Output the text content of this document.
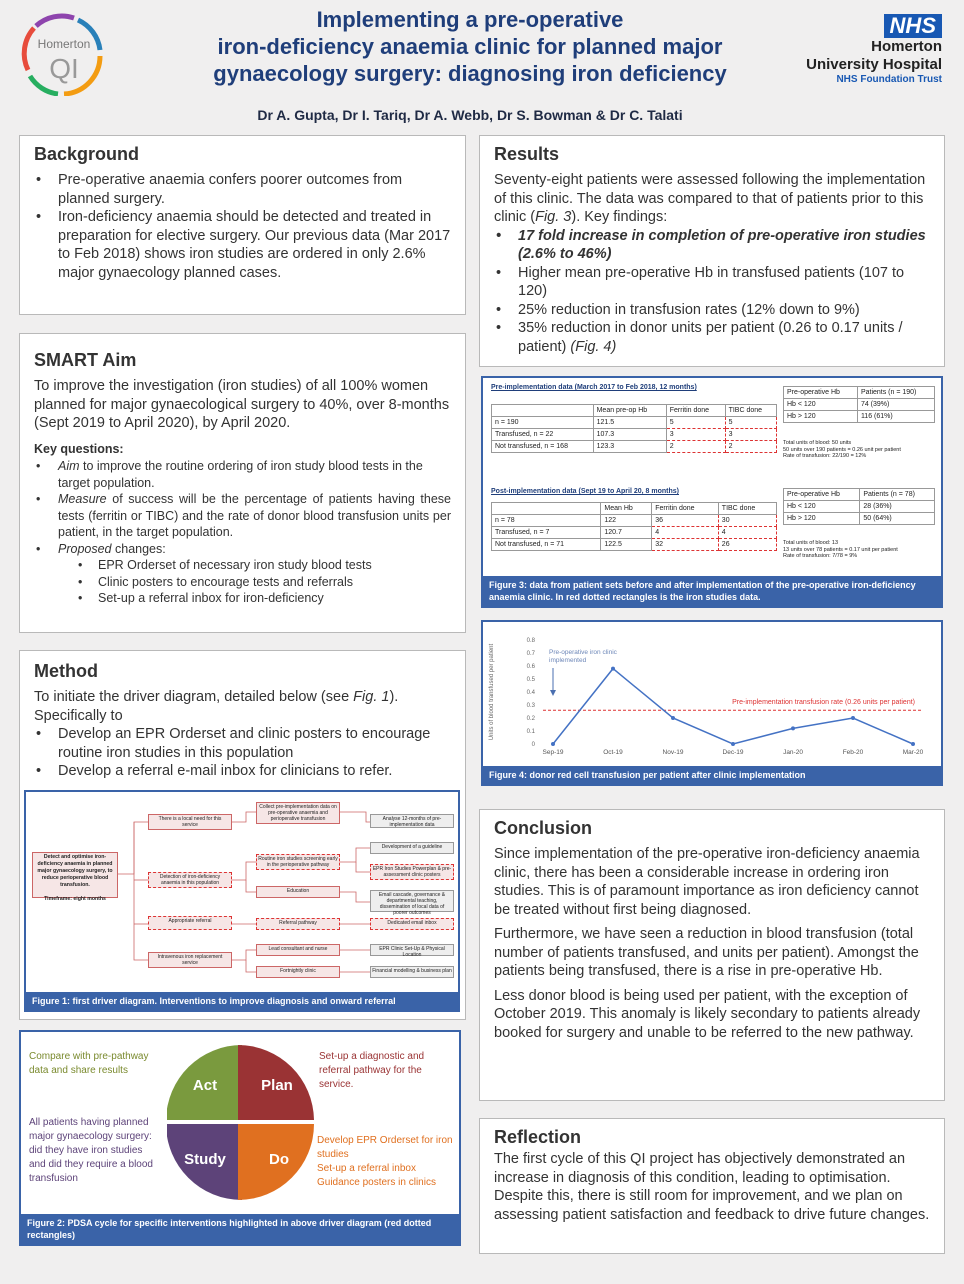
Homerton
QI
Implementing a pre-operative
iron-deficiency anaemia clinic for planned major
gynaecology surgery: diagnosing iron deficiency
Dr A. Gupta, Dr I. Tariq, Dr A. Webb, Dr S. Bowman & Dr C. Talati
NHS
Homerton
University Hospital
NHS Foundation Trust
Background
• Pre-operative anaemia confers poorer outcomes from planned surgery.
• Iron-deficiency anaemia should be detected and treated in preparation for elective surgery. Our previous data (Mar 2017 to Feb 2018) shows iron studies are ordered in only 2.6% major gynaecology planned cases.
SMART Aim

To improve the investigation (iron studies) of all 100% women planned for major gynaecological surgery to 40%, over 8-months (Sept 2019 to April 2020), by April 2020.

Key questions:

• Aim to improve the routine ordering of iron study blood tests in the target population.
• Measure of success will be the percentage of patients having these tests (ferritin or TIBC) and the rate of donor blood transfusion units per patient, in the target population.
• Proposed changes:
• EPR Orderset of necessary iron study blood tests
• Clinic posters to encourage tests and referrals
• Set-up a referral inbox for iron-deficiency
Method

To initiate the driver diagram, detailed below (see Fig. 1). Specifically to

• Develop an EPR Orderset and clinic posters to encourage routine iron studies in this population
• Develop a referral e-mail inbox for clinicians to refer.
Detect and optimise iron-deficiency anaemia in planned major gynaecology surgery, to reduce perioperative blood transfusion.

Timeframe: eight months
There is a local need for this service
Detection of iron-deficiency anaemia in this population
Appropriate referral
Intravenous iron replacement service
Collect pre-implementation data on pre-operative anaemia and perioperative transfusion
Routine iron studies screening early in the perioperative pathway
Education
Referral pathway
Lead consultant and nurse
Fortnightly clinic
Analyse 12-months of pre-implementation data
Development of a guideline
EPR Iron Studies Powerplan & pre-assessment clinic posters
Email cascade, governance & departmental teaching, dissemination of local data of poorer outcomes
Dedicated email inbox
EPR Clinic Set-Up & Physical Location
Financial modelling & business plan
Figure 1: first driver diagram. Interventions to improve diagnosis and onward referral
Compare with pre-pathway data and share results
All patients having planned major gynaecology surgery: did they have iron studies and did they require a blood transfusion
Set-up a diagnostic and referral pathway for the service.
Develop EPR Orderset for iron studies
Set-up a referral inbox
Guidance posters in clinics
Act	Plan
Study	Do
Figure 2: PDSA cycle for specific interventions highlighted in above driver diagram (red dotted rectangles)
Results

Seventy-eight patients were assessed following the implementation of this clinic. The data was compared to that of patients prior to this clinic (Fig. 3). Key findings:

• 17 fold increase in completion of pre-operative iron studies (2.6% to 46%)
• Higher mean pre-operative Hb in transfused patients (107 to 120)
• 25% reduction in transfusion rates (12% down to 9%)
• 35% reduction in donor units per patient (0.26 to 0.17 units / patient) (Fig. 4)
Pre-implementation data (March 2017 to Feb 2018, 12 months)
	Mean pre-op Hb	Ferritin done	TIBC done
n = 190	121.5	5	5
Transfused, n = 22	107.3	3	3
Not transfused, n = 168	123.3	2	2
Pre-operative Hb	Patients (n = 190)
Hb < 120	74 (39%)
Hb > 120	116 (61%)
Total units of blood: 50 units
50 units over 190 patients = 0.26 unit per patient
Rate of transfusion: 22/190 = 12%
Post-implementation data (Sept 19 to April 20, 8 months)
	Mean Hb	Ferritin done	TIBC done
n = 78	122	36	30
Transfused, n = 7	120.7	4	4
Not transfused, n = 71	122.5	32	26
Pre-operative Hb	Patients (n = 78)
Hb < 120	28 (36%)
Hb > 120	50 (64%)
Total units of blood: 13
13 units over 78 patients = 0.17 unit per patient
Rate of transfusion: 7/78 = 9%
Figure 3: data from patient sets before and after implementation of the pre-operative iron-deficiency anaemia clinic. In red dotted rectangles is the iron studies data.
Units of blood transfused per patient
0
0.1
0.2
0.3
0.4
0.5
0.6
0.7
0.8
Sep-19	Oct-19	Nov-19	Dec-19	Jan-20	Feb-20	Mar-20
Pre-implementation transfusion rate (0.26 units per patient)
Pre-operative iron clinic
implemented
Figure 4: donor red cell transfusion per patient after clinic implementation
Conclusion

Since implementation of the pre-operative iron-deficiency anaemia clinic, there has been a considerable increase in ordering iron studies. This is of paramount importance as iron deficiency cannot be treated without first being diagnosed.

Furthermore, we have seen a reduction in blood transfusion (total number of patients transfused, and units per patient). Amongst the patients being transfused, there is a rise in pre-operative Hb.

Less donor blood is being used per patient, with the exception of October 2019. This anomaly is likely secondary to patients already booked for surgery and unable to be referred to the new pathway.

Reflection

The first cycle of this QI project has objectively demonstrated an increase in diagnosis of this condition, leading to optimisation. Despite this, there is still room for improvement, and we plan on assessing patient satisfaction and feedback to drive future changes.
